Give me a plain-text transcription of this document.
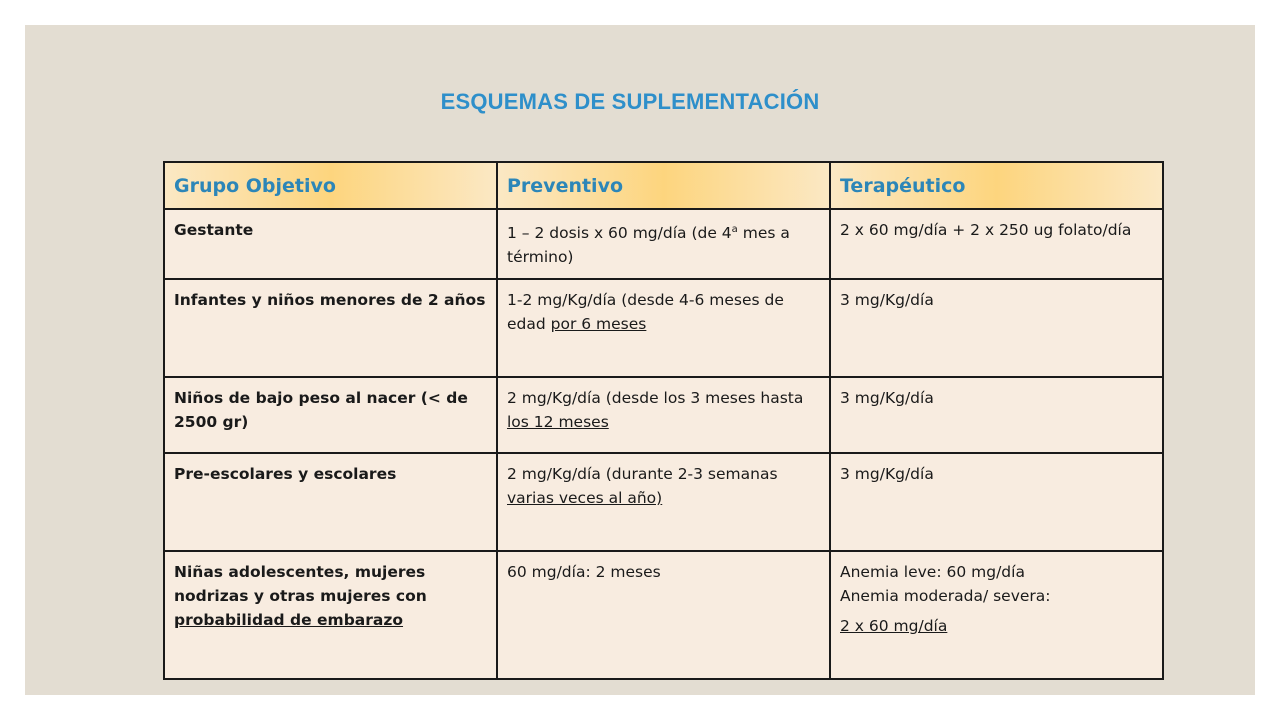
ESQUEMAS DE SUPLEMENTACIÓN
Grupo Objetivo	Preventivo	Terapéutico
Gestante	1 – 2 dosis x 60 mg/día (de 4$^a$ mes a término)	2 x 60 mg/día + 2 x 250 ug folato/día
Infantes y niños menores de 2 años	1-2 mg/Kg/día (desde 4-6 meses de edad por 6 meses	3 mg/Kg/día
Niños de bajo peso al nacer (< de 2500 gr)	2 mg/Kg/día (desde los 3 meses hasta los 12 meses	3 mg/Kg/día
Pre-escolares y escolares	2 mg/Kg/día (durante 2-3 semanas varias veces al año)	3 mg/Kg/día
Niñas adolescentes, mujeres nodrizas y otras mujeres con probabilidad de embarazo	60 mg/día: 2 meses	Anemia leve: 60 mg/día
Anemia moderada/ severa:
2 x 60 mg/día
